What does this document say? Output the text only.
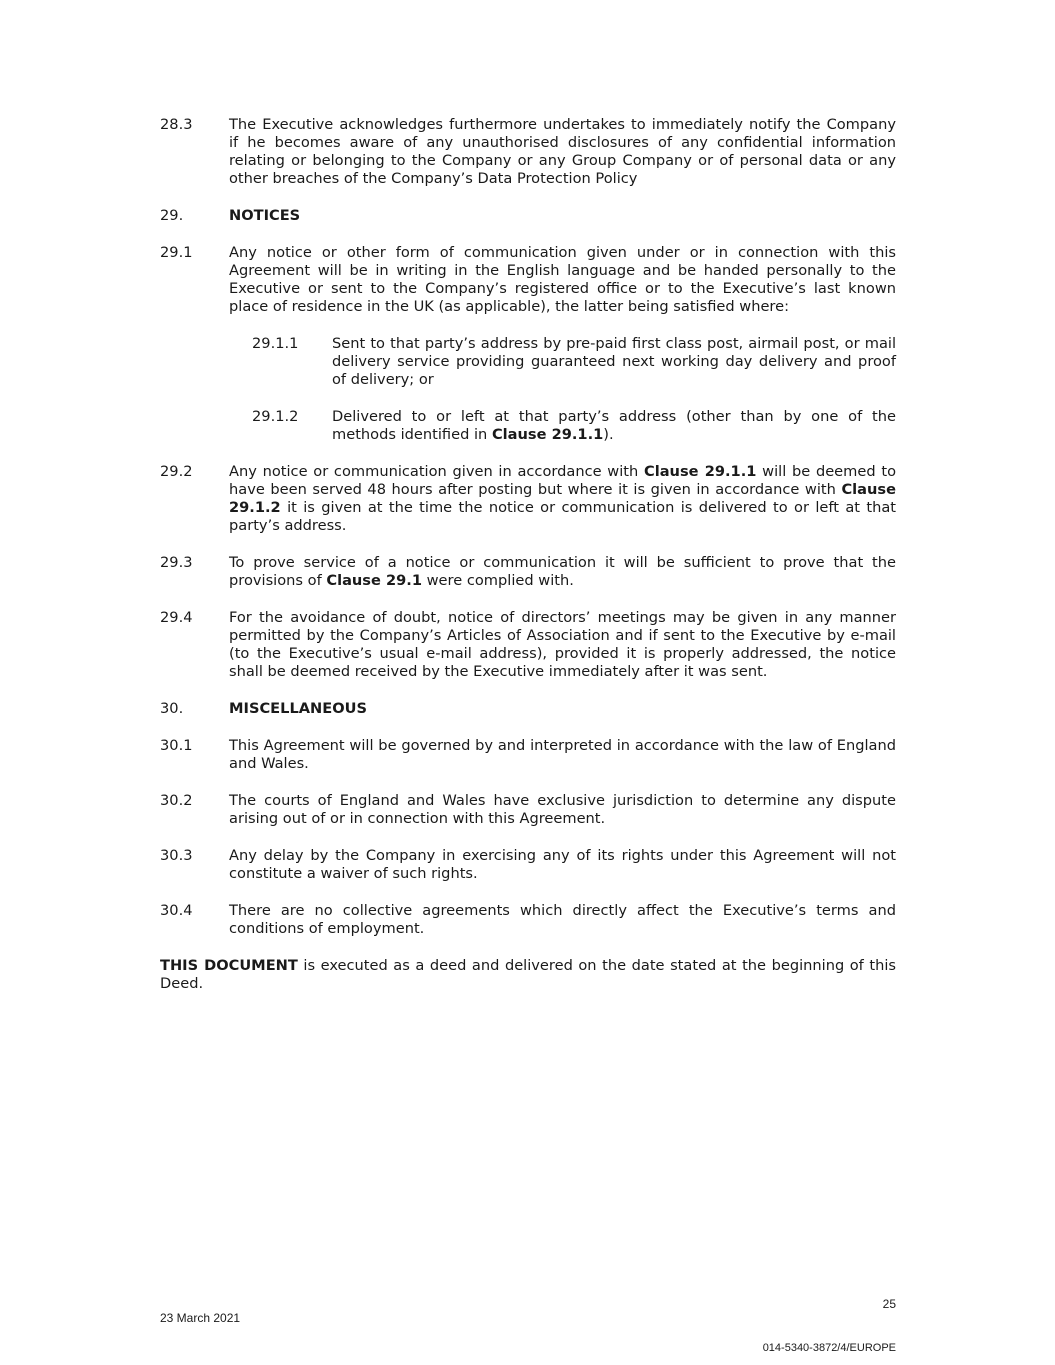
28.3	The Executive acknowledges furthermore undertakes to immediately notify the Company if he becomes aware of any unauthorised disclosures of any confidential information relating or belonging to the Company or any Group Company or of personal data or any other breaches of the Company’s Data Protection Policy
29.	NOTICES
29.1	Any notice or other form of communication given under or in connection with this Agreement will be in writing in the English language and be handed personally to the Executive or sent to the Company’s registered office or to the Executive’s last known place of residence in the UK (as applicable), the latter being satisfied where:
29.1.1	Sent to that party’s address by pre-paid first class post, airmail post, or mail delivery service providing guaranteed next working day delivery and proof of delivery; or
29.1.2	Delivered to or left at that party’s address (other than by one of the methods identified in Clause 29.1.1).
29.2	Any notice or communication given in accordance with Clause 29.1.1 will be deemed to have been served 48 hours after posting but where it is given in accordance with Clause 29.1.2 it is given at the time the notice or communication is delivered to or left at that party’s address.
29.3	To prove service of a notice or communication it will be sufficient to prove that the provisions of Clause 29.1 were complied with.
29.4	For the avoidance of doubt, notice of directors’ meetings may be given in any manner permitted by the Company’s Articles of Association and if sent to the Executive by e-mail (to the Executive’s usual e-mail address), provided it is properly addressed, the notice shall be deemed received by the Executive immediately after it was sent.
30.	MISCELLANEOUS
30.1	This Agreement will be governed by and interpreted in accordance with the law of England and Wales.
30.2	The courts of England and Wales have exclusive jurisdiction to determine any dispute arising out of or in connection with this Agreement.
30.3	Any delay by the Company in exercising any of its rights under this Agreement will not constitute a waiver of such rights.
30.4	There are no collective agreements which directly affect the Executive’s terms and conditions of employment.
THIS DOCUMENT is executed as a deed and delivered on the date stated at the beginning of this Deed.
25
23 March 2021
014-5340-3872/4/EUROPE
